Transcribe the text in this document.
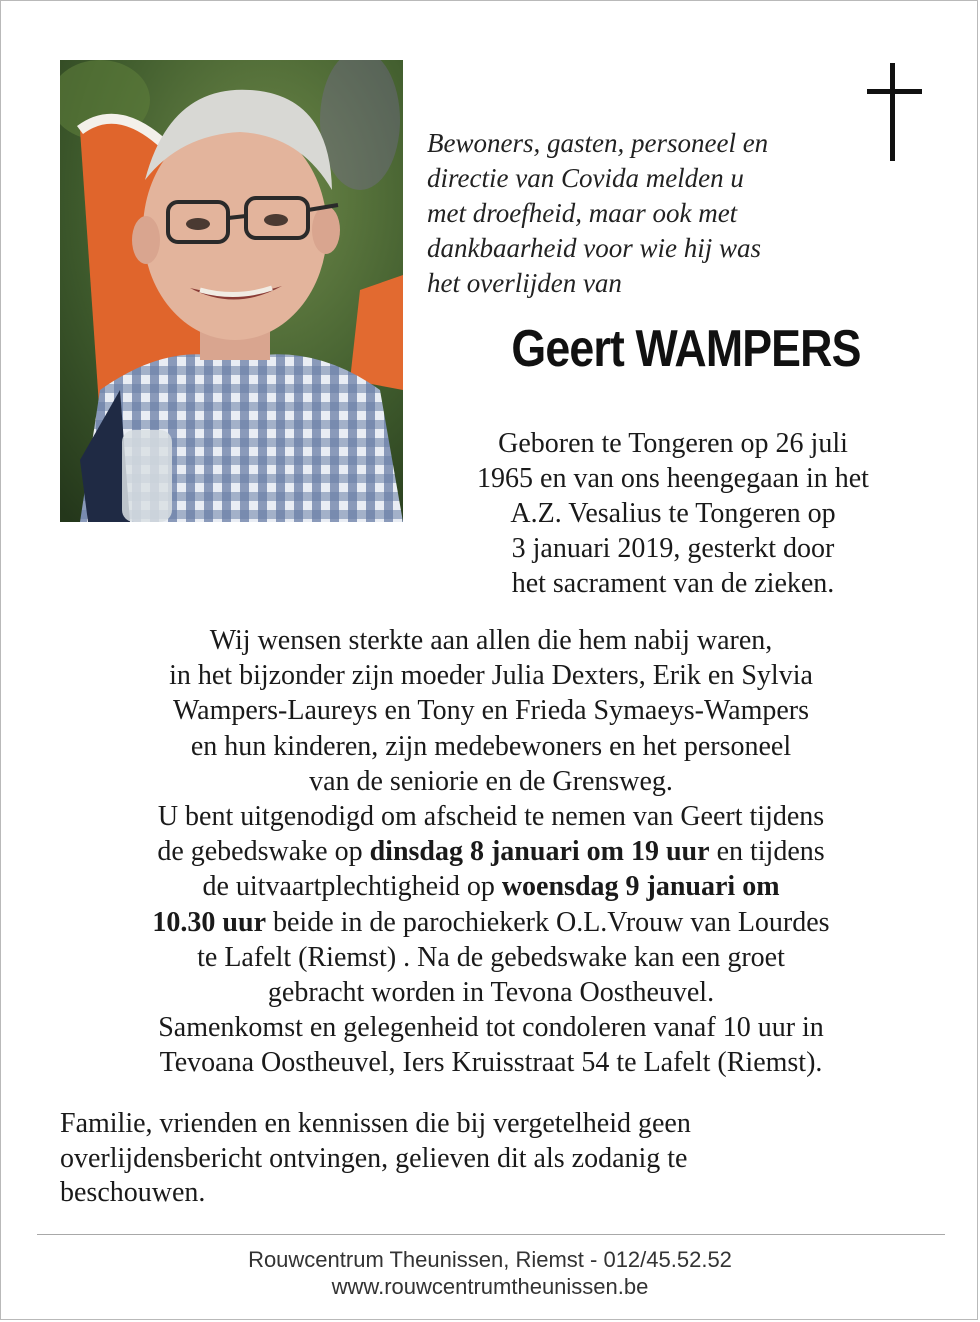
Bewoners, gasten, personeel en
directie van Covida melden u
met droefheid, maar ook met
dankbaarheid voor wie hij was
het overlijden van
Geert WAMPERS
Geboren te Tongeren op 26 juli
1965 en van ons heengegaan in het
A.Z. Vesalius te Tongeren op
3 januari 2019, gesterkt door
het sacrament van de zieken.
Wij wensen sterkte aan allen die hem nabij waren,
in het bijzonder zijn moeder Julia Dexters, Erik en Sylvia
Wampers-Laureys en Tony en Frieda Symaeys-Wampers
en hun kinderen, zijn medebewoners en het personeel
van de seniorie en de Grensweg.
U bent uitgenodigd om afscheid te nemen van Geert tijdens
de gebedswake op dinsdag 8 januari om 19 uur en tijdens
de uitvaartplechtigheid op woensdag 9 januari om
10.30 uur beide in de parochiekerk O.L.Vrouw van Lourdes
te Lafelt (Riemst) . Na de gebedswake kan een groet
gebracht worden in Tevona Oostheuvel.
Samenkomst en gelegenheid tot condoleren vanaf 10 uur in
Tevoana Oostheuvel, Iers Kruisstraat 54 te Lafelt (Riemst).
Familie, vrienden en kennissen die bij vergetelheid geen
overlijdensbericht ontvingen, gelieven dit als zodanig te
beschouwen.
Rouwcentrum Theunissen, Riemst - 012/45.52.52
www.rouwcentrumtheunissen.be
